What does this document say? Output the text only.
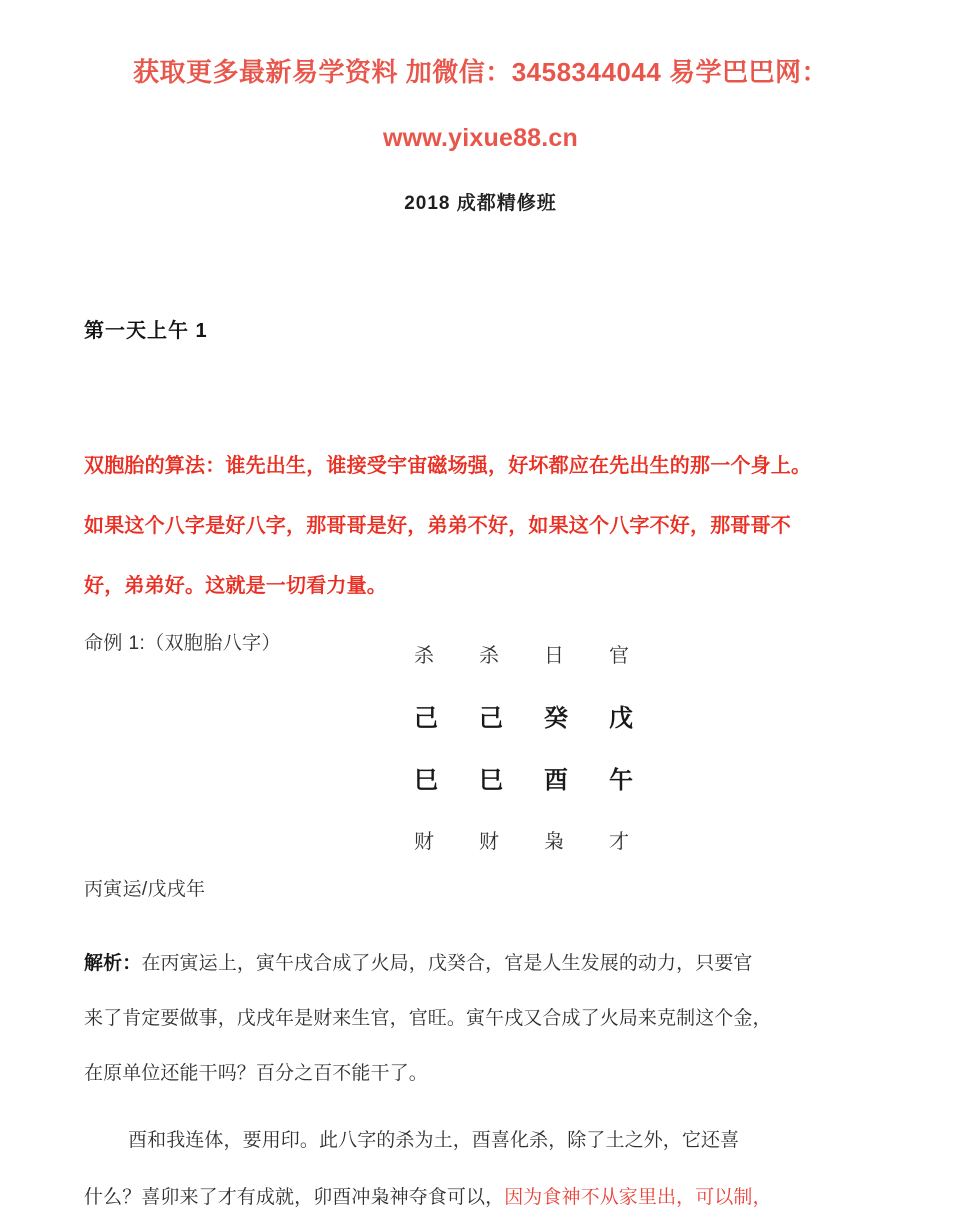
获取更多最新易学资料 加微信：3458344044 易学巴巴网：
www.yixue88.cn
2018 成都精修班
第一天上午 1
双胞胎的算法：谁先出生，谁接受宇宙磁场强，好坏都应在先出生的那一个身上。
如果这个八字是好八字，那哥哥是好，弟弟不好，如果这个八字不好，那哥哥不
好，弟弟好。这就是一切看力量。
命例 1:（双胞胎八字）
杀	杀	日	官
己	己	癸	戊
巳	巳	酉	午
财	财	枭	才
丙寅运/戊戌年
解析：在丙寅运上，寅午戌合成了火局，戊癸合，官是人生发展的动力，只要官
来了肯定要做事，戊戌年是财来生官，官旺。寅午戌又合成了火局来克制这个金，
在原单位还能干吗？百分之百不能干了。
酉和我连体，要用印。此八字的杀为土，酉喜化杀，除了土之外，它还喜
什么？喜卯来了才有成就，卯酉冲枭神夺食可以，因为食神不从家里出，可以制，
